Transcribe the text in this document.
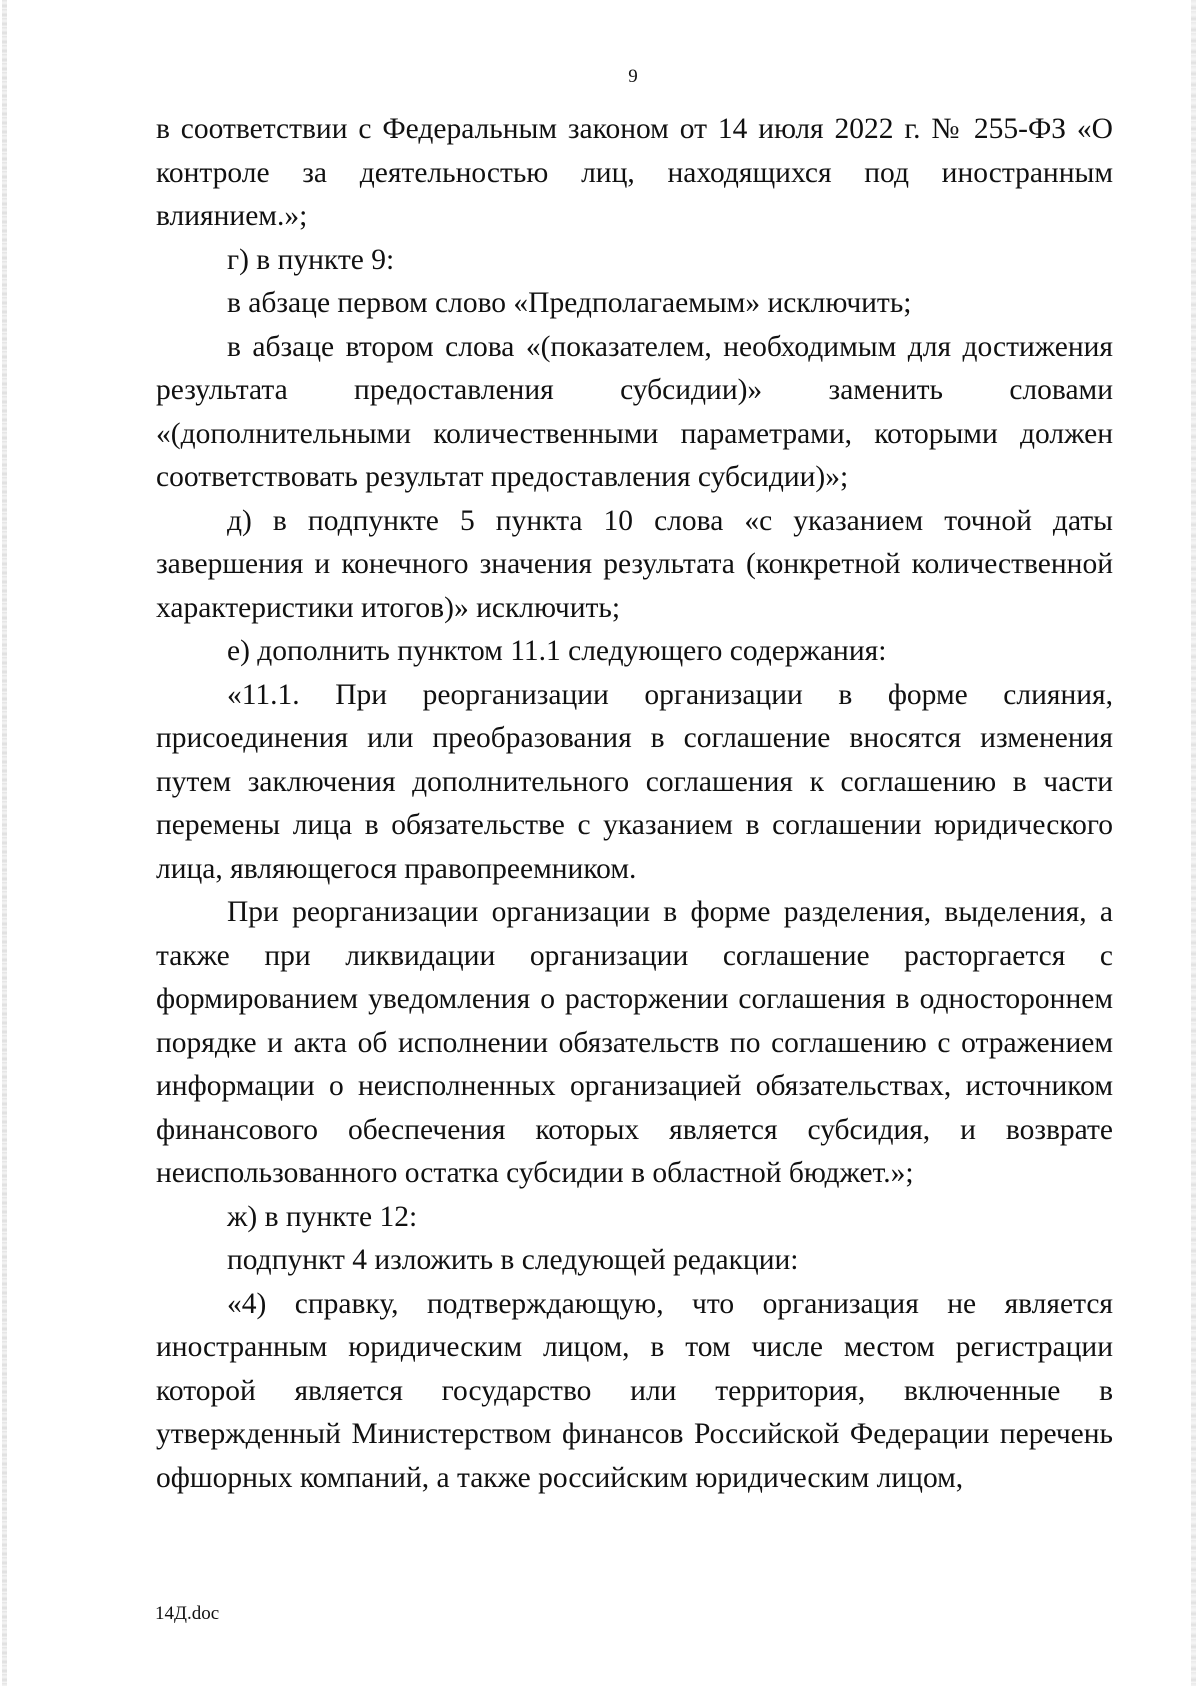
9

в соответствии с Федеральным законом от 14 июля 2022 г. № 255-ФЗ «О контроле за деятельностью лиц, находящихся под иностранным влиянием.»;

г) в пункте 9:

в абзаце первом слово «Предполагаемым» исключить;

в абзаце втором слова «(показателем, необходимым для достижения результата предоставления субсидии)» заменить словами «(дополнительными количественными параметрами, которыми должен соответствовать результат предоставления субсидии)»;

д) в подпункте 5 пункта 10 слова «с указанием точной даты завершения и конечного значения результата (конкретной количественной характеристики итогов)» исключить;

е) дополнить пунктом 11.1 следующего содержания:

«11.1. При реорганизации организации в форме слияния, присоединения или преобразования в соглашение вносятся изменения путем заключения дополнительного соглашения к соглашению в части перемены лица в обязательстве с указанием в соглашении юридического лица, являющегося правопреемником.

При реорганизации организации в форме разделения, выделения, а также при ликвидации организации соглашение расторгается с формированием уведомления о расторжении соглашения в одностороннем порядке и акта об исполнении обязательств по соглашению с отражением информации о неисполненных организацией обязательствах, источником финансового обеспечения которых является субсидия, и возврате неиспользованного остатка субсидии в областной бюджет.»;

ж) в пункте 12:

подпункт 4 изложить в следующей редакции:

«4) справку, подтверждающую, что организация не является иностранным юридическим лицом, в том числе местом регистрации которой является государство или территория, включенные в утвержденный Министерством финансов Российской Федерации перечень офшорных компаний, а также российским юридическим лицом,

14Д.doc
